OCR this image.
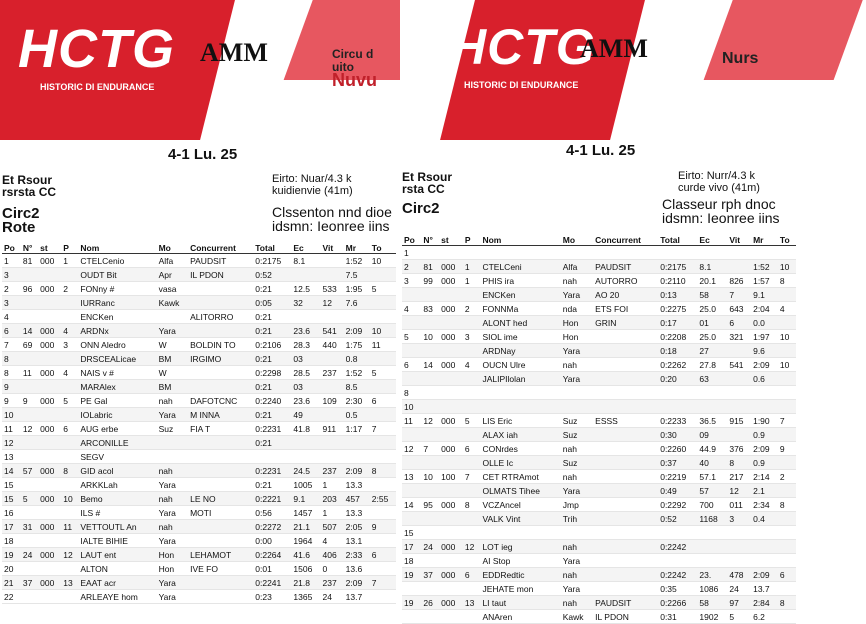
HCTG
HISTORIC DI ENDURANCE
AMM	Circu d
uito
Nuvu
4-1 Lu. 25
Et Rsour
rsrsta CC
Eirto: Nuar/4.3 k
kuidienvie (41m)
Circ2
Rote
Clssenton nnd dioe
idsmn: Ieonree iins
Po	N°	st	P	Nom	Mo	Concurrent	Total	Ec	Vit	Mr	To
1	81	000	1	CTELCenio	Alfa	PAUDSIT	0:2175	8.1		1:52	10
3				OUDT Bit	Apr	IL PDON	0:52			7.5	
2	96	000	2	FONny #	vasa		0:21	12.5	533	1:95	5
3				IURRanc	Kawk		0:05	32	12	7.6	
4				ENCKen		ALITORRO	0:21				
6	14	000	4	ARDNx	Yara		0:21	23.6	541	2:09	10
7	69	000	3	ONN Aledro	W	BOLDIN TO	0:2106	28.3	440	1:75	11
8				DRSCEALicae	BM	IRGIMO	0:21	03		0.8	
8	11	000	4	NAIS v #	W		0:2298	28.5	237	1:52	5
9				MARAlex	BM		0:21	03		8.5	
9	9	000	5	PE Gal	nah	DAFOTCNC	0:2240	23.6	109	2:30	6
10				IOLabric	Yara	M INNA	0:21	49		0.5	
11	12	000	6	AUG erbe	Suz	FIA T	0:2231	41.8	911	1:17	7
12				ARCONILLE			0:21				
13				SEGV							
14	57	000	8	GID acol	nah		0:2231	24.5	237	2:09	8
15				ARKKLah	Yara		0:21	1005	1	13.3	
15	5	000	10	Bemo	nah	LE NO	0:2221	9.1	203	457	2:55
16				ILS #	Yara	MOTI	0:56	1457	1	13.3	
17	31	000	11	VETTOUTL An	nah		0:2272	21.1	507	2:05	9
18				IALTE BIHIE	Yara		0:00	1964	4	13.1	
19	24	000	12	LAUT ent	Hon	LEHAMOT	0:2264	41.6	406	2:33	6
20				ALTON	Hon	IVE FO	0:01	1506	0	13.6	
21	37	000	13	EAAT acr	Yara		0:2241	21.8	237	2:09	7
22				ARLEAYE hom	Yara		0:23	1365	24	13.7	
HCTG
HISTORIC DI ENDURANCE
AMM	Nurs
4-1 Lu. 25
Et Rsour
rsta CC
Eirto: Nurr/4.3 k
curde vivo (41m)
Circ2	Classeur rph dnoc
idsmn: Ieonree iins
Po	N°	st	P	Nom	Mo	Concurrent	Total	Ec	Vit	Mr	To
1											
2	81	000	1	CTELCeni	Alfa	PAUDSIT	0:2175	8.1		1:52	10
3	99	000	1	PHIS ira	nah	AUTORRO	0:2110	20.1	826	1:57	8
				ENCKen	Yara	AO 20	0:13	58	7	9.1	
4	83	000	2	FONNMa	nda	ETS FOI	0:2275	25.0	643	2:04	4
				ALONT hed	Hon	GRIN	0:17	01	6	0.0	
5	10	000	3	SIOL ime	Hon		0:2208	25.0	321	1:97	10
				ARDNay	Yara		0:18	27		9.6	
6	14	000	4	OUCN Ulre	nah		0:2262	27.8	541	2:09	10
				JALIPIlolan	Yara		0:20	63		0.6	
8											
10											
11	12	000	5	LIS Eric	Suz	ESSS	0:2233	36.5	915	1:90	7
				ALAX iah	Suz		0:30	09		0.9	
12	7	000	6	CONrdes	nah		0:2260	44.9	376	2:09	9
				OLLE Ic	Suz		0:37	40	8	0.9	
13	10	100	7	CET RTRAmot	nah		0:2219	57.1	217	2:14	2
				OLMATS Tihee	Yara		0:49	57	12	2.1	
14	95	000	8	VCZAncel	Jmp		0:2292	700	011	2:34	8
				VALK Vint	Trih		0:52	1168	3	0.4	
15											
17	24	000	12	LOT ieg	nah		0:2242				
18				AI Stop	Yara						
19	37	000	6	EDDRedtic	nah		0:2242	23.	478	2:09	6
				JEHATE mon	Yara		0:35	1086	24	13.7	
19	26	000	13	LI taut	nah	PAUDSIT	0:2266	58	97	2:84	8
				ANAren	Kawk	IL PDON	0:31	1902	5	6.2	
